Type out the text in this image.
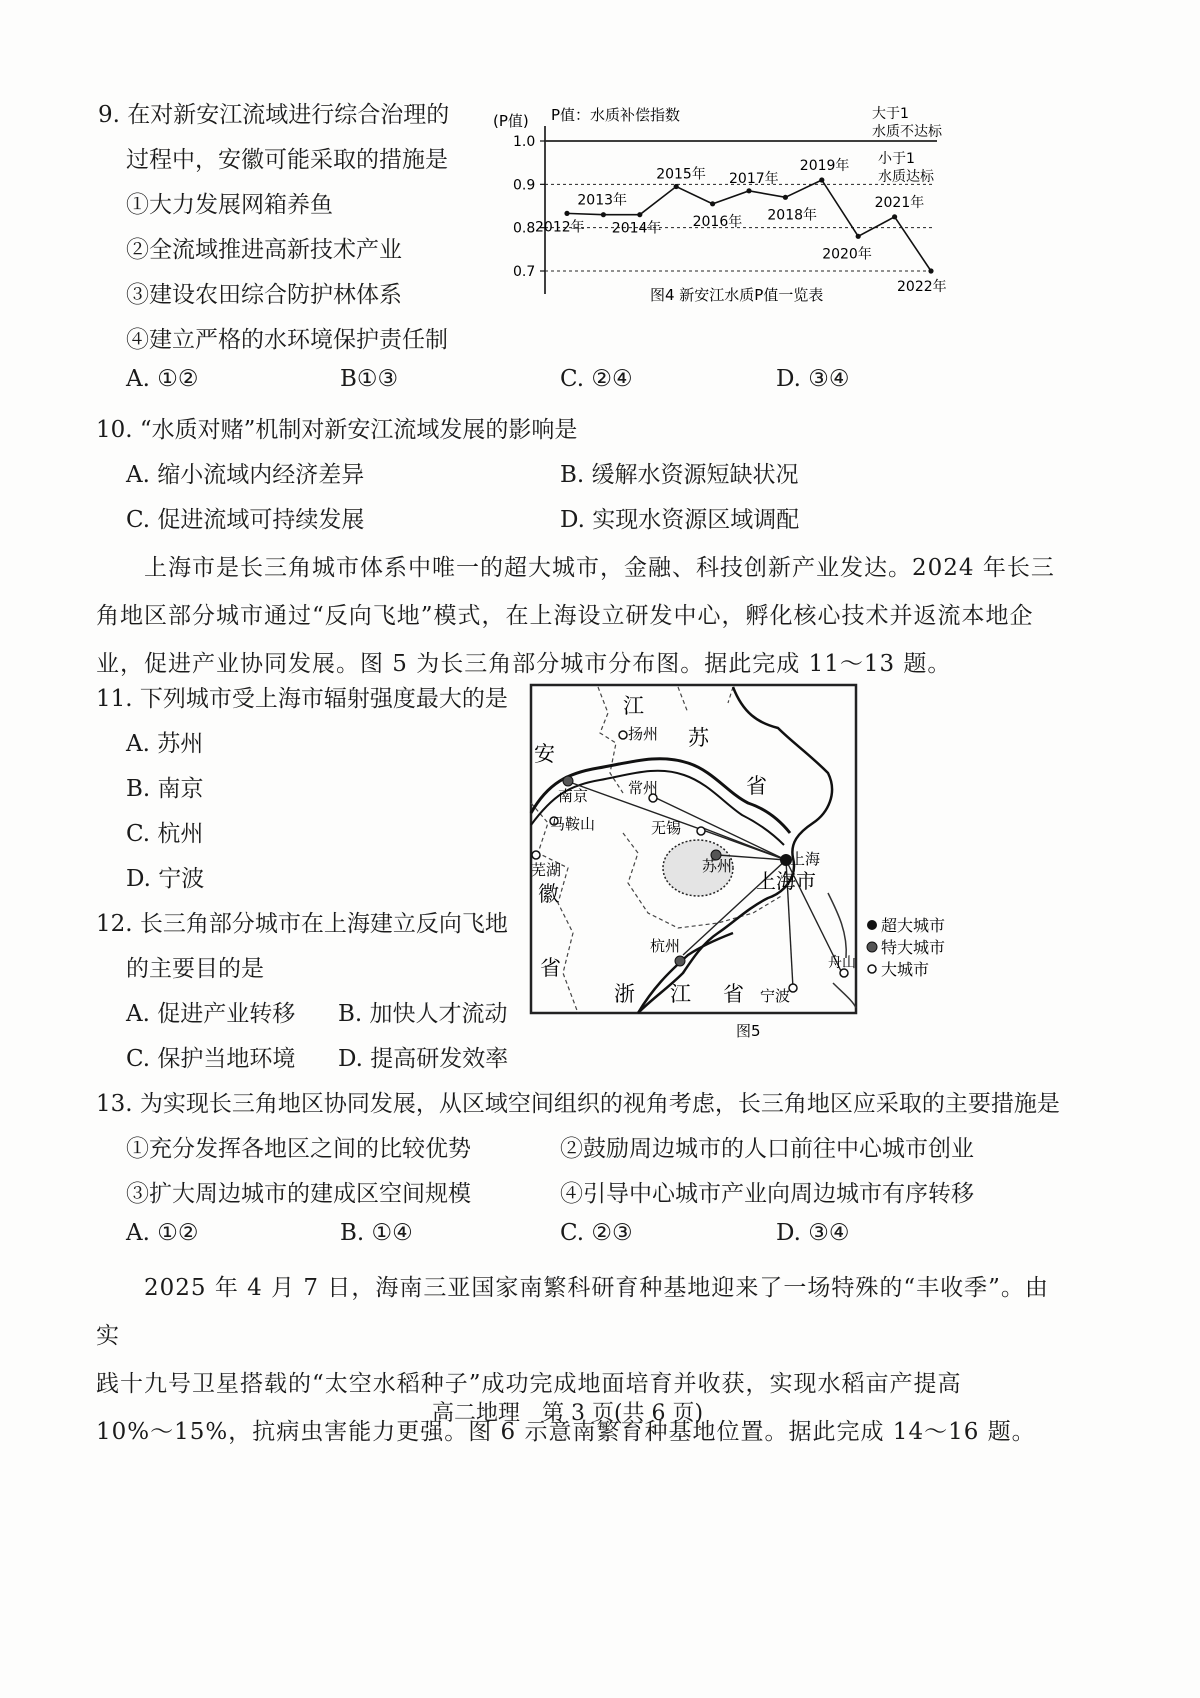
9. 在对新安江流域进行综合治理的
过程中，安徽可能采取的措施是
①大力发展网箱养鱼
②全流域推进高新技术产业
③建设农田综合防护林体系
④建立严格的水环境保护责任制
A. ①②	B①③	C. ②④	D. ③④
(P值) P值：水质补偿指数	大于1
水质不达标
小于1
水质达标
1.0
0.9
0.8
0.7
2012年
2013年
2014年
2015年
2016年
2017年
2018年
2019年
2020年
2021年
2022年
图4 新安江水质P值一览表
10. “水质对赌”机制对新安江流域发展的影响是
A. 缩小流域内经济差异	B. 缓解水资源短缺状况
C. 促进流域可持续发展	D. 实现水资源区域调配
　　上海市是长三角城市体系中唯一的超大城市，金融、科技创新产业发达。2024 年长三
角地区部分城市通过“反向飞地”模式，在上海设立研发中心，孵化核心技术并返流本地企
业，促进产业协同发展。图 5 为长三角部分城市分布图。据此完成 11～13 题。
11. 下列城市受上海市辐射强度最大的是
A. 苏州
B. 南京
C. 杭州
D. 宁波
12. 长三角部分城市在上海建立反向飞地
的主要目的是
A. 促进产业转移 B. 加快人才流动
C. 保护当地环境 D. 提高研发效率
江
苏
省
安
徽
省
浙 江 省
扬州
南京	常州
马鞍山	无锡
芜湖	苏州	上海
杭州
宁波
舟山
上海市
超大城市
特大城市
大城市
图5
13. 为实现长三角地区协同发展，从区域空间组织的视角考虑，长三角地区应采取的主要措施是
①充分发挥各地区之间的比较优势	②鼓励周边城市的人口前往中心城市创业
③扩大周边城市的建成区空间规模	④引导中心城市产业向周边城市有序转移
A. ①②	B. ①④	C. ②③	D. ③④
　　2025 年 4 月 7 日，海南三亚国家南繁科研育种基地迎来了一场特殊的“丰收季”。由实
践十九号卫星搭载的“太空水稻种子”成功完成地面培育并收获，实现水稻亩产提高
10%～15%，抗病虫害能力更强。图 6 示意南繁育种基地位置。据此完成 14～16 题。
高二地理　第 3 页(共 6 页)
